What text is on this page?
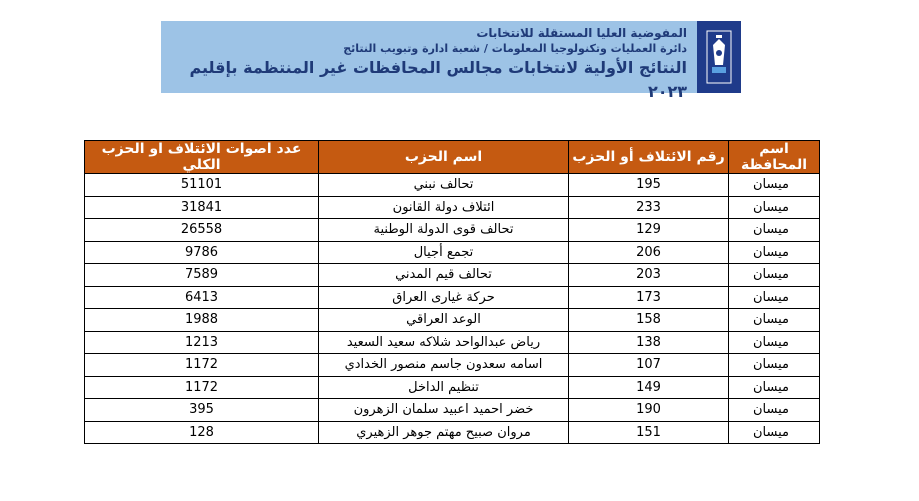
المفوضية العليا المستقلة للانتخابات
دائرة العمليات وتكنولوجيا المعلومات / شعبة ادارة وتبويب النتائج
النتائج الأولية لانتخابات مجالس المحافظات غير المنتظمة بإقليم ٢٠٢٣
اسم المحافظة	رقم الائتلاف أو الحزب	اسم الحزب	عدد اصوات الائتلاف او الحزب الكلي
ميسان	195	تحالف نبني	51101
ميسان	233	ائتلاف دولة القانون	31841
ميسان	129	تحالف قوى الدولة الوطنية	26558
ميسان	206	تجمع أجيال	9786
ميسان	203	تحالف قيم المدني	7589
ميسان	173	حركة غيارى العراق	6413
ميسان	158	الوعد العراقي	1988
ميسان	138	رياض عبدالواحد شلاكه سعيد السعيد	1213
ميسان	107	اسامه سعدون جاسم منصور الخدادي	1172
ميسان	149	تنظيم الداخل	1172
ميسان	190	خضر احميد اعبيد سلمان الزهرون	395
ميسان	151	مروان صبيح مهتم جوهر الزهيري	128
